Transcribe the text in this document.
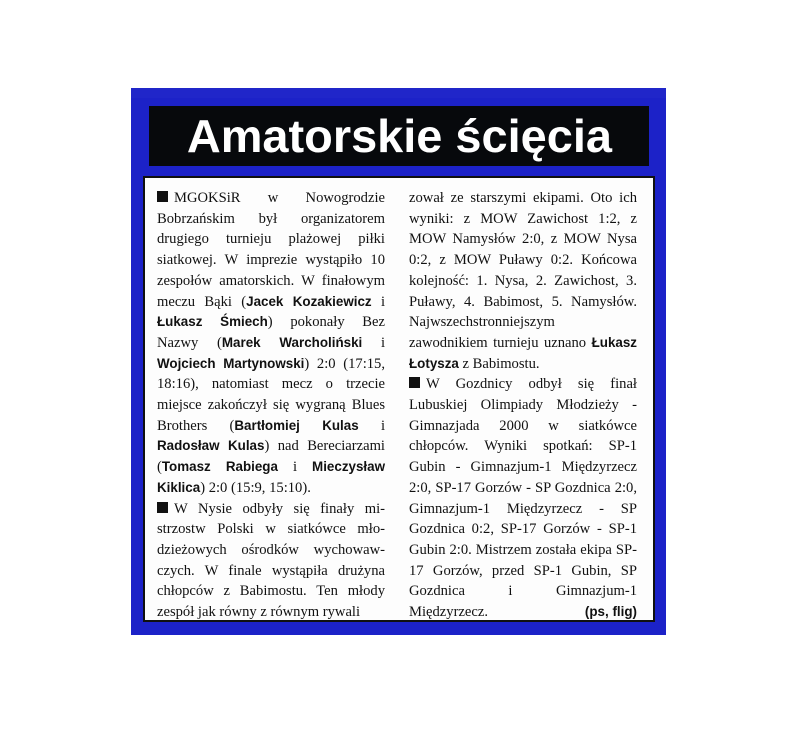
Amatorskie ścięcia

MGOKSiR w Nowogrodzie Bobrzańskim był organizatorem drugiego turnieju plażowej piłki siatkowej. W imprezie wystąpiło 10 zespołów amatorskich. W finałowym meczu Bąki (Jacek Kozakiewicz i Łukasz Śmiech) pokonały Bez Nazwy (Marek Warcholiński i Wojciech Martynowski) 2:0 (17:15, 18:16), natomiast mecz o trzecie miejsce zakończył się wygraną Blues Brothers (Bartłomiej Kulas i Radosław Kulas) nad Bereciarzami (Tomasz Rabiega i Mieczysław Kiklica) 2:0 (15:9, 15:10).

W Nysie odbyły się finały mistrzostw Polski w siatkówce młodzieżowych ośrodków wychowawczych. W finale wystąpiła drużyna chłopców z Babimostu. Ten młody zespół jak równy z równym rywali

zował ze starszymi ekipami. Oto ich wyniki: z MOW Zawichost 1:2, z MOW Namysłów 2:0, z MOW Nysa 0:2, z MOW Puławy 0:2. Końcowa kolejność: 1. Nysa, 2. Zawichost, 3. Puławy, 4. Babimost, 5. Namysłów. Najwszechstronniejszym zawodnikiem turnieju uznano Łukasz Łotysza z Babimostu.

W Gozdnicy odbył się finał Lubuskiej Olimpiady Młodzieży - Gimnazjada 2000 w siatkówce chłopców. Wyniki spotkań: SP-1 Gubin - Gimnazjum-1 Międzyrzecz 2:0, SP-17 Gorzów - SP Gozdnica 2:0, Gimnazjum-1 Międzyrzecz - SP Gozdnica 0:2, SP-17 Gorzów - SP-1 Gubin 2:0. Mistrzem została ekipa SP-17 Gorzów, przed SP-1 Gubin, SP Gozdnica i Gimnazjum-1 Międzyrzecz.	(ps, flig)
